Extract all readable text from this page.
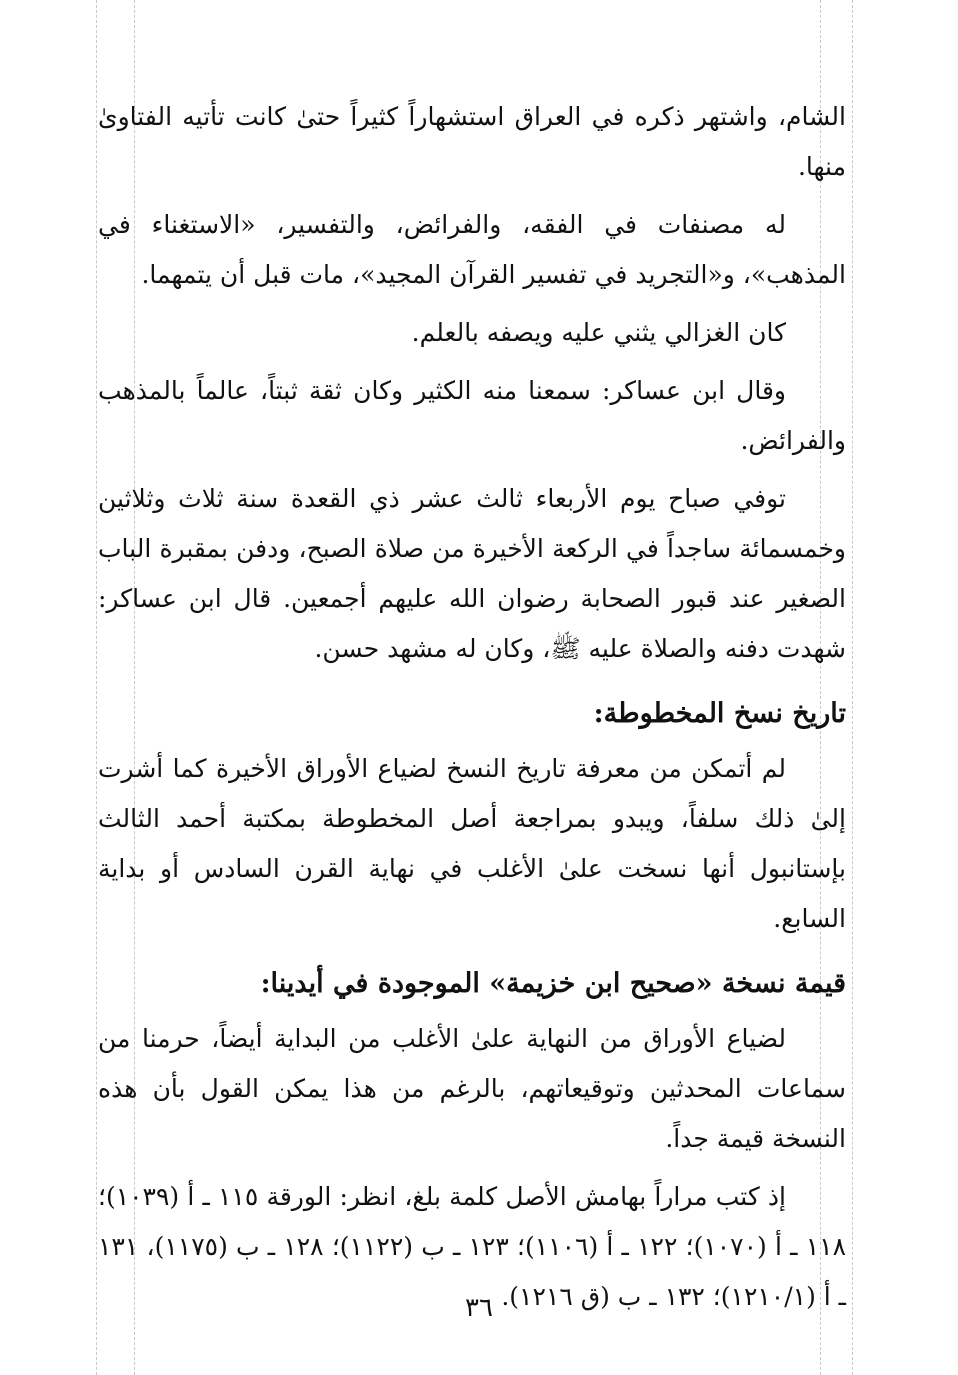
الشام، واشتهر ذكره في العراق استشهاراً كثيراً حتىٰ كانت تأتيه الفتاوىٰ منها.

له مصنفات في الفقه، والفرائض، والتفسير، «الاستغناء في المذهب»، و«التجريد في تفسير القرآن المجيد»، مات قبل أن يتمهما.

كان الغزالي يثني عليه ويصفه بالعلم.

وقال ابن عساكر: سمعنا منه الكثير وكان ثقة ثبتاً، عالماً بالمذهب والفرائض.

توفي صباح يوم الأربعاء ثالث عشر ذي القعدة سنة ثلاث وثلاثين وخمسمائة ساجداً في الركعة الأخيرة من صلاة الصبح، ودفن بمقبرة الباب الصغير عند قبور الصحابة رضوان الله عليهم أجمعين. قال ابن عساكر: شهدت دفنه والصلاة عليه ﷺ، وكان له مشهد حسن.

تاريخ نسخ المخطوطة:

لم أتمكن من معرفة تاريخ النسخ لضياع الأوراق الأخيرة كما أشرت إلىٰ ذلك سلفاً، ويبدو بمراجعة أصل المخطوطة بمكتبة أحمد الثالث بإستانبول أنها نسخت علىٰ الأغلب في نهاية القرن السادس أو بداية السابع.

قيمة نسخة «صحيح ابن خزيمة» الموجودة في أيدينا:

لضياع الأوراق من النهاية علىٰ الأغلب من البداية أيضاً، حرمنا من سماعات المحدثين وتوقيعاتهم، بالرغم من هذا يمكن القول بأن هذه النسخة قيمة جداً.

إذ كتب مراراً بهامش الأصل كلمة بلغ، انظر: الورقة ١١٥ ـ أ (١٠٣٩)؛ ١١٨ ـ أ (١٠٧٠)؛ ١٢٢ ـ أ (١١٠٦)؛ ١٢٣ ـ ب (١١٢٢)؛ ١٢٨ ـ ب (١١٧٥)، ١٣١ ـ أ (١٢١٠/١)؛ ١٣٢ ـ ب (ق ١٢١٦).

٣٦
